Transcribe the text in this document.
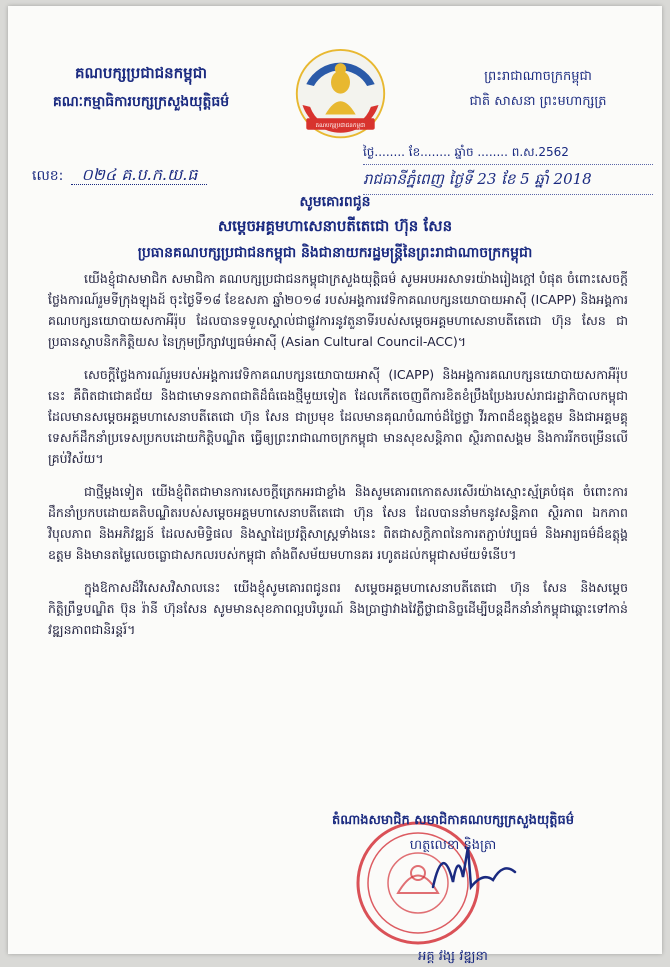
គណបក្សប្រជាជនកម្ពុជា
គណៈកម្មាធិការបក្សក្រសួងយុត្តិធម៌
គណបក្សប្រជាជនកម្ពុជា
ព្រះរាជាណាចក្រកម្ពុជា
ជាតិ សាសនា ព្រះមហាក្សត្រ
លេខ: ០២៤ គ.ប.ក.យ.ធ
ថ្ងៃ........ ខែ........ ឆ្នាំច ........ ព.ស.2562
រាជធានីភ្នំពេញ ថ្ងៃទី 23 ខែ 5 ឆ្នាំ 2018
សូមគោរពជូន
សម្តេចអគ្គមហាសេនាបតីតេជោ ហ៊ុន សែន
ប្រធានគណបក្សប្រជាជនកម្ពុជា និងជានាយករដ្ឋមន្ត្រីនៃព្រះរាជាណាចក្រកម្ពុជា

យើងខ្ញុំជាសមាជិក សមាជិកា គណបក្សប្រជាជនកម្ពុជាក្រសួងយុត្តិធម៌ សូមអបអរសាទរយ៉ាងរៀងក្តៅ បំផុត ចំពោះសេចក្តីថ្លែងការណ៍រួមទីក្រុងឡុងដ៍ ចុះថ្ងៃទី១៨ ខែឧសភា ឆ្នាំ២០១៨ របស់អង្គការវេទិកាគណបក្សនយោបាយអាស៊ី (ICAPP) និងអង្គការគណបក្សនយោបាយសកាអឺរ៉ុប ដែលបានទទួលស្គាល់ជាផ្លូវការនូវតួនាទីរបស់សម្តេចអគ្គមហាសេនាបតីតេជោ ហ៊ុន សែន ជាប្រធានស្ថាបនិកកិត្តិយស នៃក្រុមប្រឹក្សាវប្បធម៌អាស៊ី (Asian Cultural Council-ACC)។

សេចក្តីថ្លែងការណ៍រួមរបស់អង្គការវេទិកាគណបក្សនយោបាយអាស៊ី (ICAPP) និងអង្គការគណបក្សនយោបាយសកាអឺរ៉ុបនេះ គឺពិតជាជោគជ័យ និងជាមោទនភាពជាតិដ៏ធំធេងថ្មីមួយទៀត ដែលកើតចេញពីការខិតខំប្រឹងប្រែងរបស់រាជរដ្ឋាភិបាលកម្ពុជា ដែលមានសម្តេចអគ្គមហាសេនាបតីតេជោ ហ៊ុន សែន ជាប្រមុខ ដែលមានគុណបំណាច់ដ៏ថ្លៃថ្លា វីរភាពដ៏ឧត្តុង្គឧត្តម និងជាអគ្គមគ្គុទេសក៍ដឹកនាំប្រទេសប្រកបដោយកិត្តិបណ្ឌិត ធ្វើឲ្យព្រះរាជាណាចក្រកម្ពុជា មានសុខសន្តិភាព ស្ថិរភាពសង្គម និងការរីកចម្រើនលើគ្រប់វិស័យ។

ជាថ្មីម្តងទៀត យើងខ្ញុំពិតជាមានការសេចក្តីត្រេកអរជាខ្លាំង និងសូមគោរពកោតសរសើរយ៉ាងស្មោះស្ម័គ្របំផុត ចំពោះការដឹកនាំប្រកបដោយគតិបណ្ឌិតរបស់សម្តេចអគ្គមហាសេនាបតីតេជោ ហ៊ុន សែន ដែលបាននាំមកនូវសន្តិភាព ស្ថិរភាព ឯកភាព វិបុលភាព និងអភិវឌ្ឍន៍ ដែលសមិទ្ធិផល និងស្នាដៃប្រវត្តិសាស្ត្រទាំងនេះ ពិតជាសក្តិភាពនៃការតភ្ជាប់វប្បធម៌ និងអារ្យធម៌ដ៏ឧត្តុង្គឧត្តម និងមានតម្លៃលេចធ្លោជាសកលរបស់កម្ពុជា តាំងពីសម័យមហានគរ រហូតដល់កម្ពុជាសម័យទំនើប។

ក្នុងឱកាសដ៏វិសេសវិសាលនេះ យើងខ្ញុំសូមគោរពជូនពរ សម្តេចអគ្គមហាសេនាបតីតេជោ ហ៊ុន សែន និងសម្តេចកិត្តិព្រឹទ្ធបណ្ឌិត ប៊ុន រ៉ានី ហ៊ុនសែន សូមមានសុខភាពល្អបរិបូរណ៍ និងប្រាជ្ញាវាងវៃភ្លឺថ្លាជានិច្ចដើម្បីបន្តដឹកនាំនាំកម្ពុជាឆ្ពោះទៅកាន់វឌ្ឍនភាពជានិរន្តរ៍។

តំណាងសមាជិក សមាជិកាគណបក្សក្រសួងយុត្តិធម៌
ហត្ថលេខា និងត្រា
អគ្គ វង្ស វឌ្ឍនា
